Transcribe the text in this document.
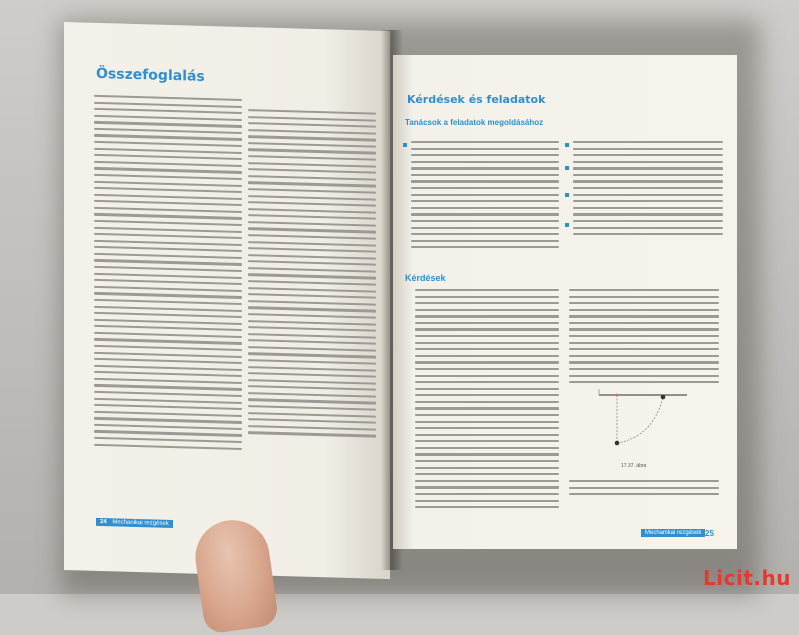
Összefoglalás
24 Mechanikai rezgések
Kérdések és feladatok
Tanácsok a feladatok megoldásához
Kérdések
17.37. ábra
Mechanikai rezgések 25
Licit.hu
